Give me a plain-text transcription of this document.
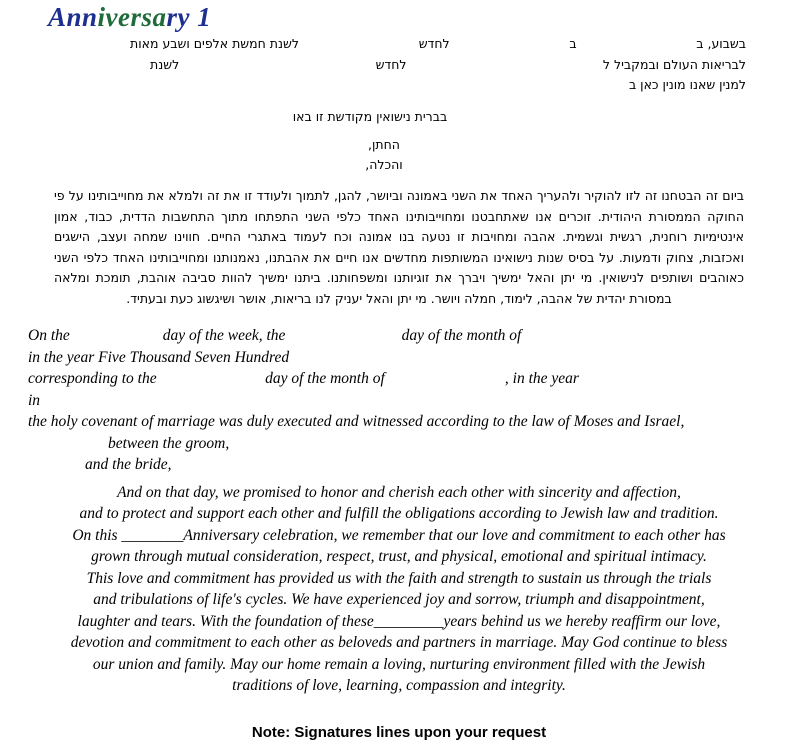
Anniversary 1
בשבוע, ב
ב
לחדש
לשנת חמשת אלפים ושבע מאות
לבריאות העולם ובמקביל ל
לחדש
לשנת
למנין שאנו מונין כאן ב
בברית נישואין מקודשת זו באו
החתן,
והכלה,
ביום זה הבטחנו זה לזו להוקיר ולהעריך האחד את השני באמונה וביושר, להגן, לתמוך ולעודד זו את זה ולמלא את מחוייבותינו על פי החוקה הממסורת היהודית. זוכרים אנו שאתחבטנו ומחוייבותינו האחד כלפי השני התפתחו מתוך התחשבות הדדית, כבוד, אמון אינטימיות רוחנית, רגשית וגשמית. אהבה ומחויבות זו נטעה בנו אמונה וכח לעמוד באתגרי החיים. חווינו שמחה ועצב, הישגים ואכזבות, צחוק ודמעות. על בסיס שנות נישואינו המשותפות מחדשים אנו חיים את אהבתנו, נאמנותנו ומחוייבותינו האחד כלפי השני כאוהבים ושותפים לנישואין. מי יתן והאל ימשיך ויברך את זוגיותנו ומשפחותנו. ביתנו ימשיך להוות סביבה אוהבת, תומכת ומלאה במסורת יהדית של אהבה, לימוד, חמלה ויושר. מי יתן והאל יעניק לנו בריאות, אושר ושיגשוג כעת ובעתיד.
On the                        day of the week, the                              day of the month of
in the year Five Thousand Seven Hundred
corresponding to the                            day of the month of                               , in the year
in
the holy covenant of marriage was duly executed and witnessed according to the law of Moses and Israel,
between the groom,
and the bride,
And on that day, we promised to honor and cherish each other with sincerity and affection,
and to protect and support each other and fulfill the obligations according to Jewish law and tradition.
On this ________Anniversary celebration, we remember that our love and commitment to each other has
grown through mutual consideration, respect, trust, and physical, emotional and spiritual intimacy.
This love and commitment has provided us with the faith and strength to sustain us through the trials
and tribulations of life's cycles. We have experienced joy and sorrow, triumph and disappointment,
laughter and tears. With the foundation of these_________years behind us we hereby reaffirm our love,
devotion and commitment to each other as beloveds and partners in marriage. May God continue to bless
our union and family. May our home remain a loving, nurturing environment filled with the Jewish
traditions of love, learning, compassion and integrity.
Note: Signatures lines upon your request
